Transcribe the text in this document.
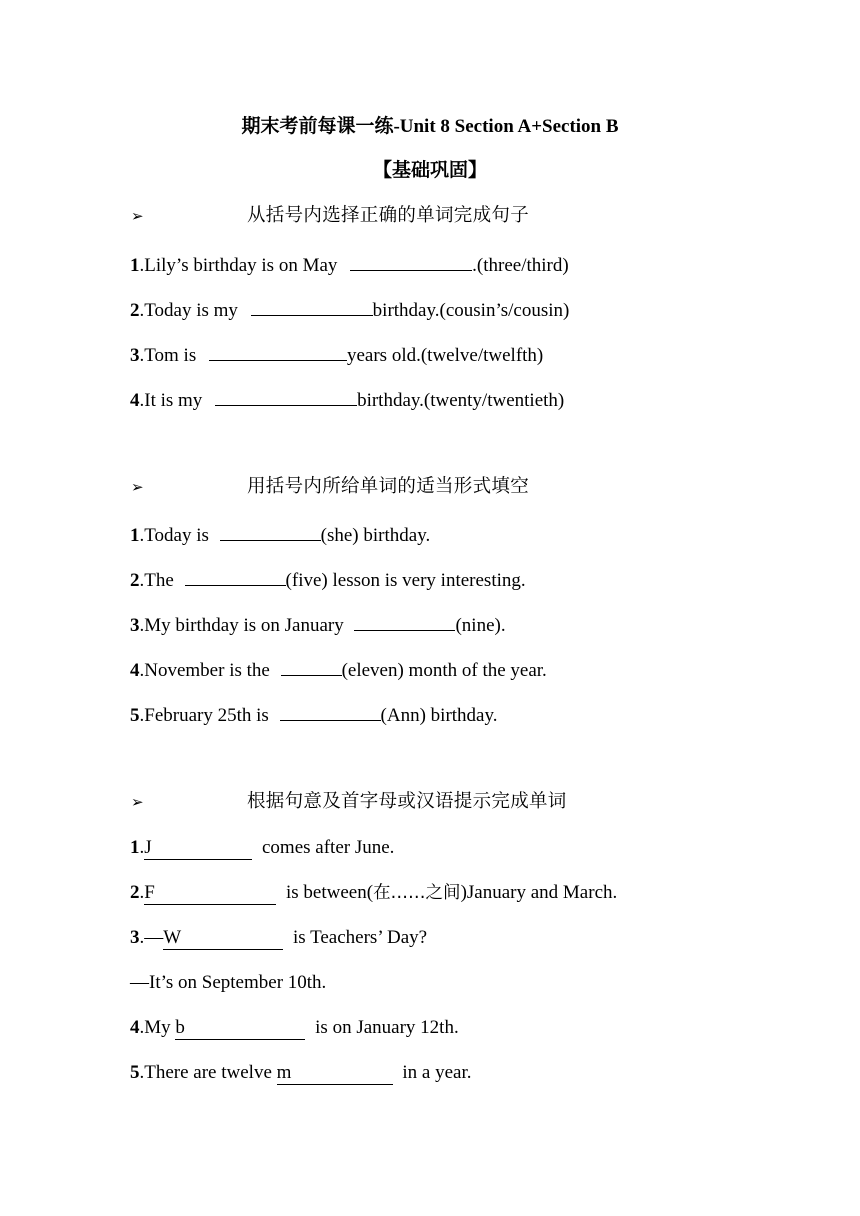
期末考前每课一练-Unit 8 Section A+Section B
【基础巩固】
➢	从括号内选择正确的单词完成句子
1.Lily’s birthday is on May	.(three/third)
2.Today is my	birthday.(cousin’s/cousin)
3.Tom is	years old.(twelve/twelfth)
4.It is my	birthday.(twenty/twentieth)
➢	用括号内所给单词的适当形式填空
1.Today is	(she) birthday.
2.The	(five) lesson is very interesting.
3.My birthday is on January	(nine).
4.November is the	(eleven) month of the year.
5.February 25th is	(Ann) birthday.
➢	根据句意及首字母或汉语提示完成单词
1.J	comes after June.
2.F	is between(在……之间)January and March.
3.—W	is Teachers’ Day?
—It’s on September 10th.
4.My b	is on January 12th.
5.There are twelve m	in a year.
